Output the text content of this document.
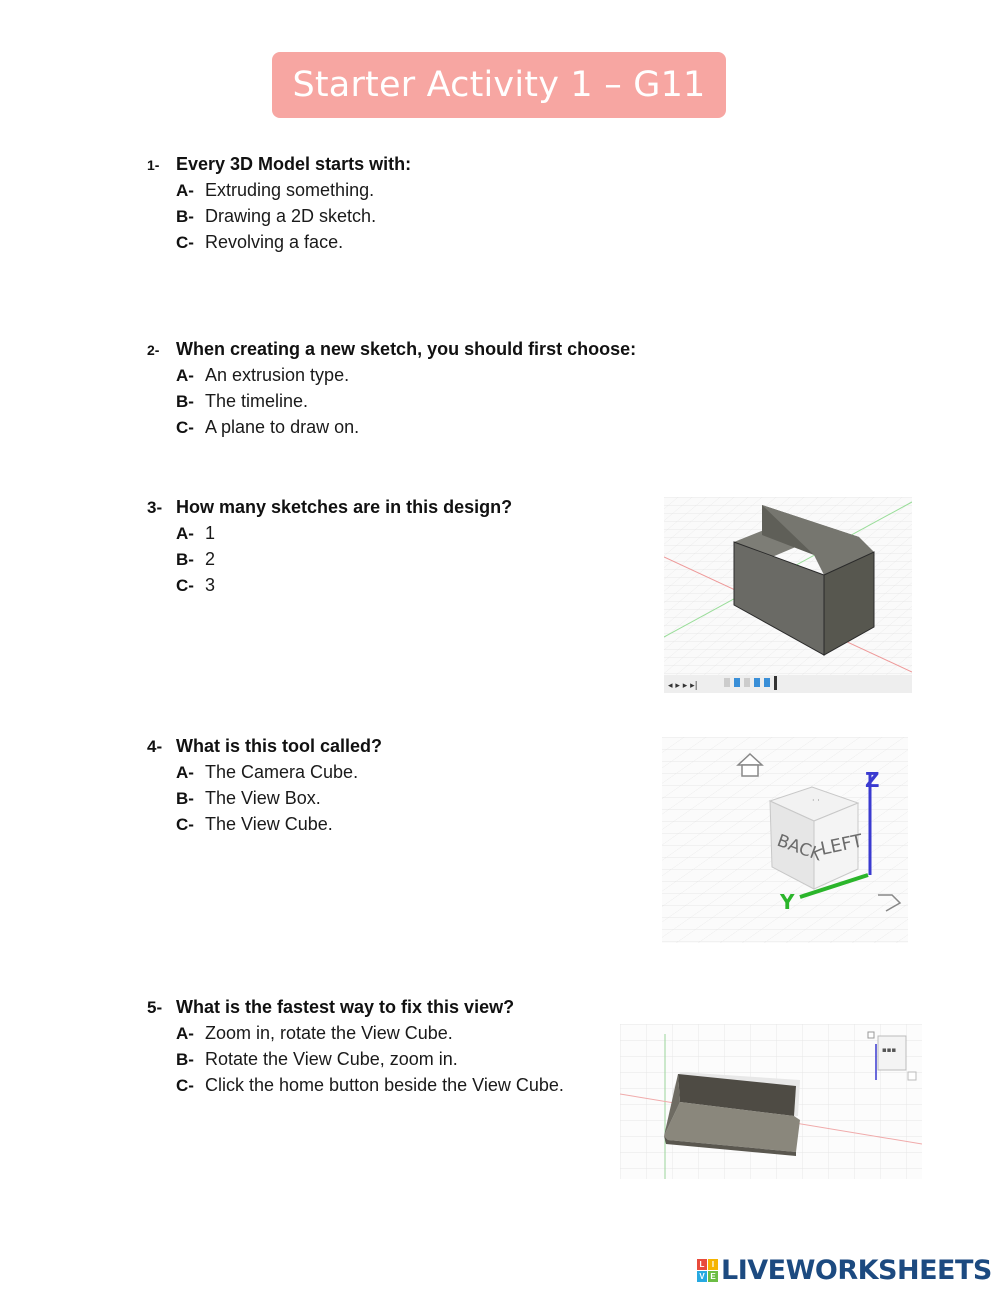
Starter Activity 1 – G11
1- Every 3D Model starts with:
A- Extruding something.
B- Drawing a 2D sketch.
C- Revolving a face.
2- When creating a new sketch, you should first choose:
A- An extrusion type.
B- The timeline.
C- A plane to draw on.
3- How many sketches are in this design?
A- 1
B- 2
C- 3
4- What is this tool called?
A- The Camera Cube.
B- The View Box.
C- The View Cube.
5- What is the fastest way to fix this view?
A- Zoom in, rotate the View Cube.
B- Rotate the View Cube, zoom in.
C- Click the home button beside the View Cube.
◂ ▸ ▸ ▸|
· ·
BACK
LEFT
Z
Y
▪▪▪
L I
V E LIVEWORKSHEETS
